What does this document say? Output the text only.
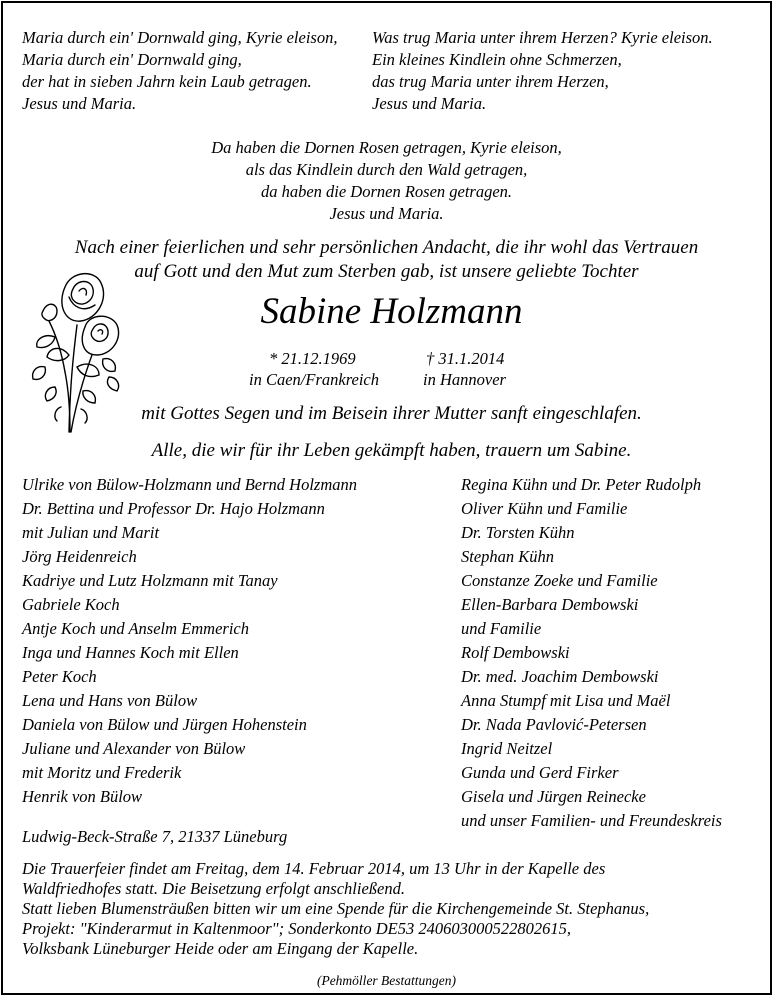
Maria durch ein' Dornwald ging, Kyrie eleison,
Maria durch ein' Dornwald ging,
der hat in sieben Jahrn kein Laub getragen.
Jesus und Maria.
Was trug Maria unter ihrem Herzen? Kyrie eleison.
Ein kleines Kindlein ohne Schmerzen,
das trug Maria unter ihrem Herzen,
Jesus und Maria.
Da haben die Dornen Rosen getragen, Kyrie eleison,
als das Kindlein durch den Wald getragen,
da haben die Dornen Rosen getragen.
Jesus und Maria.
Nach einer feierlichen und sehr persönlichen Andacht, die ihr wohl das Vertrauen
auf Gott und den Mut zum Sterben gab, ist unsere geliebte Tochter
Sabine Holzmann
* 21.12.1969
in Caen/Frankreich
† 31.1.2014
in Hannover
mit Gottes Segen und im Beisein ihrer Mutter sanft eingeschlafen.
Alle, die wir für ihr Leben gekämpft haben, trauern um Sabine.
Ulrike von Bülow-Holzmann und Bernd Holzmann
Dr. Bettina und Professor Dr. Hajo Holzmann
mit Julian und Marit
Jörg Heidenreich
Kadriye und Lutz Holzmann mit Tanay
Gabriele Koch
Antje Koch und Anselm Emmerich
Inga und Hannes Koch mit Ellen
Peter Koch
Lena und Hans von Bülow
Daniela von Bülow und Jürgen Hohenstein
Juliane und Alexander von Bülow
mit Moritz und Frederik
Henrik von Bülow
Regina Kühn und Dr. Peter Rudolph
Oliver Kühn und Familie
Dr. Torsten Kühn
Stephan Kühn
Constanze Zoeke und Familie
Ellen-Barbara Dembowski
und Familie
Rolf Dembowski
Dr. med. Joachim Dembowski
Anna Stumpf mit Lisa und Maël
Dr. Nada Pavlović-Petersen
Ingrid Neitzel
Gunda und Gerd Firker
Gisela und Jürgen Reinecke
und unser Familien- und Freundeskreis
Ludwig-Beck-Straße 7, 21337 Lüneburg
Die Trauerfeier findet am Freitag, dem 14. Februar 2014, um 13 Uhr in der Kapelle des
Waldfriedhofes statt. Die Beisetzung erfolgt anschließend.
Statt lieben Blumensträußen bitten wir um eine Spende für die Kirchengemeinde St. Stephanus,
Projekt: "Kinderarmut in Kaltenmoor"; Sonderkonto DE53 240603000522802615,
Volksbank Lüneburger Heide oder am Eingang der Kapelle.
(Pehmöller Bestattungen)
